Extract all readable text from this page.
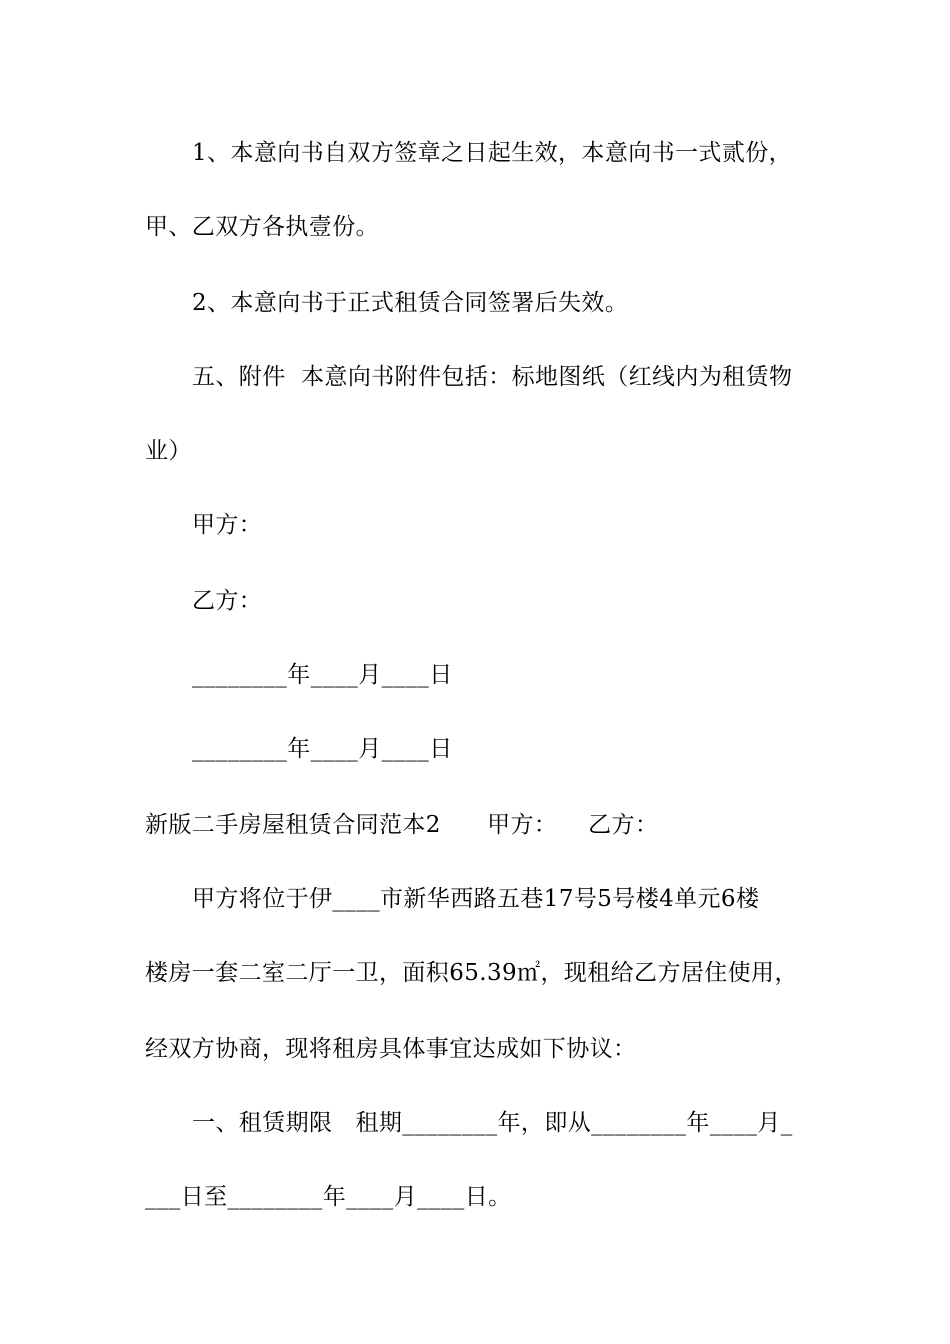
1、本意向书自双方签章之日起生效，本意向书一式贰份，
甲、乙双方各执壹份。
2、本意向书于正式租赁合同签署后失效。
五、附件  本意向书附件包括：标地图纸（红线内为租赁物
业）
甲方：
乙方：
________年____月____日
________年____月____日
新版二手房屋租赁合同范本2      甲方：    乙方：
甲方将位于伊____市新华西路五巷17号5号楼4单元6楼
楼房一套二室二厅一卫，面积65.39㎡，现租给乙方居住使用，
经双方协商，现将租房具体事宜达成如下协议：
一、租赁期限   租期________年，即从________年____月_
___日至________年____月____日。
